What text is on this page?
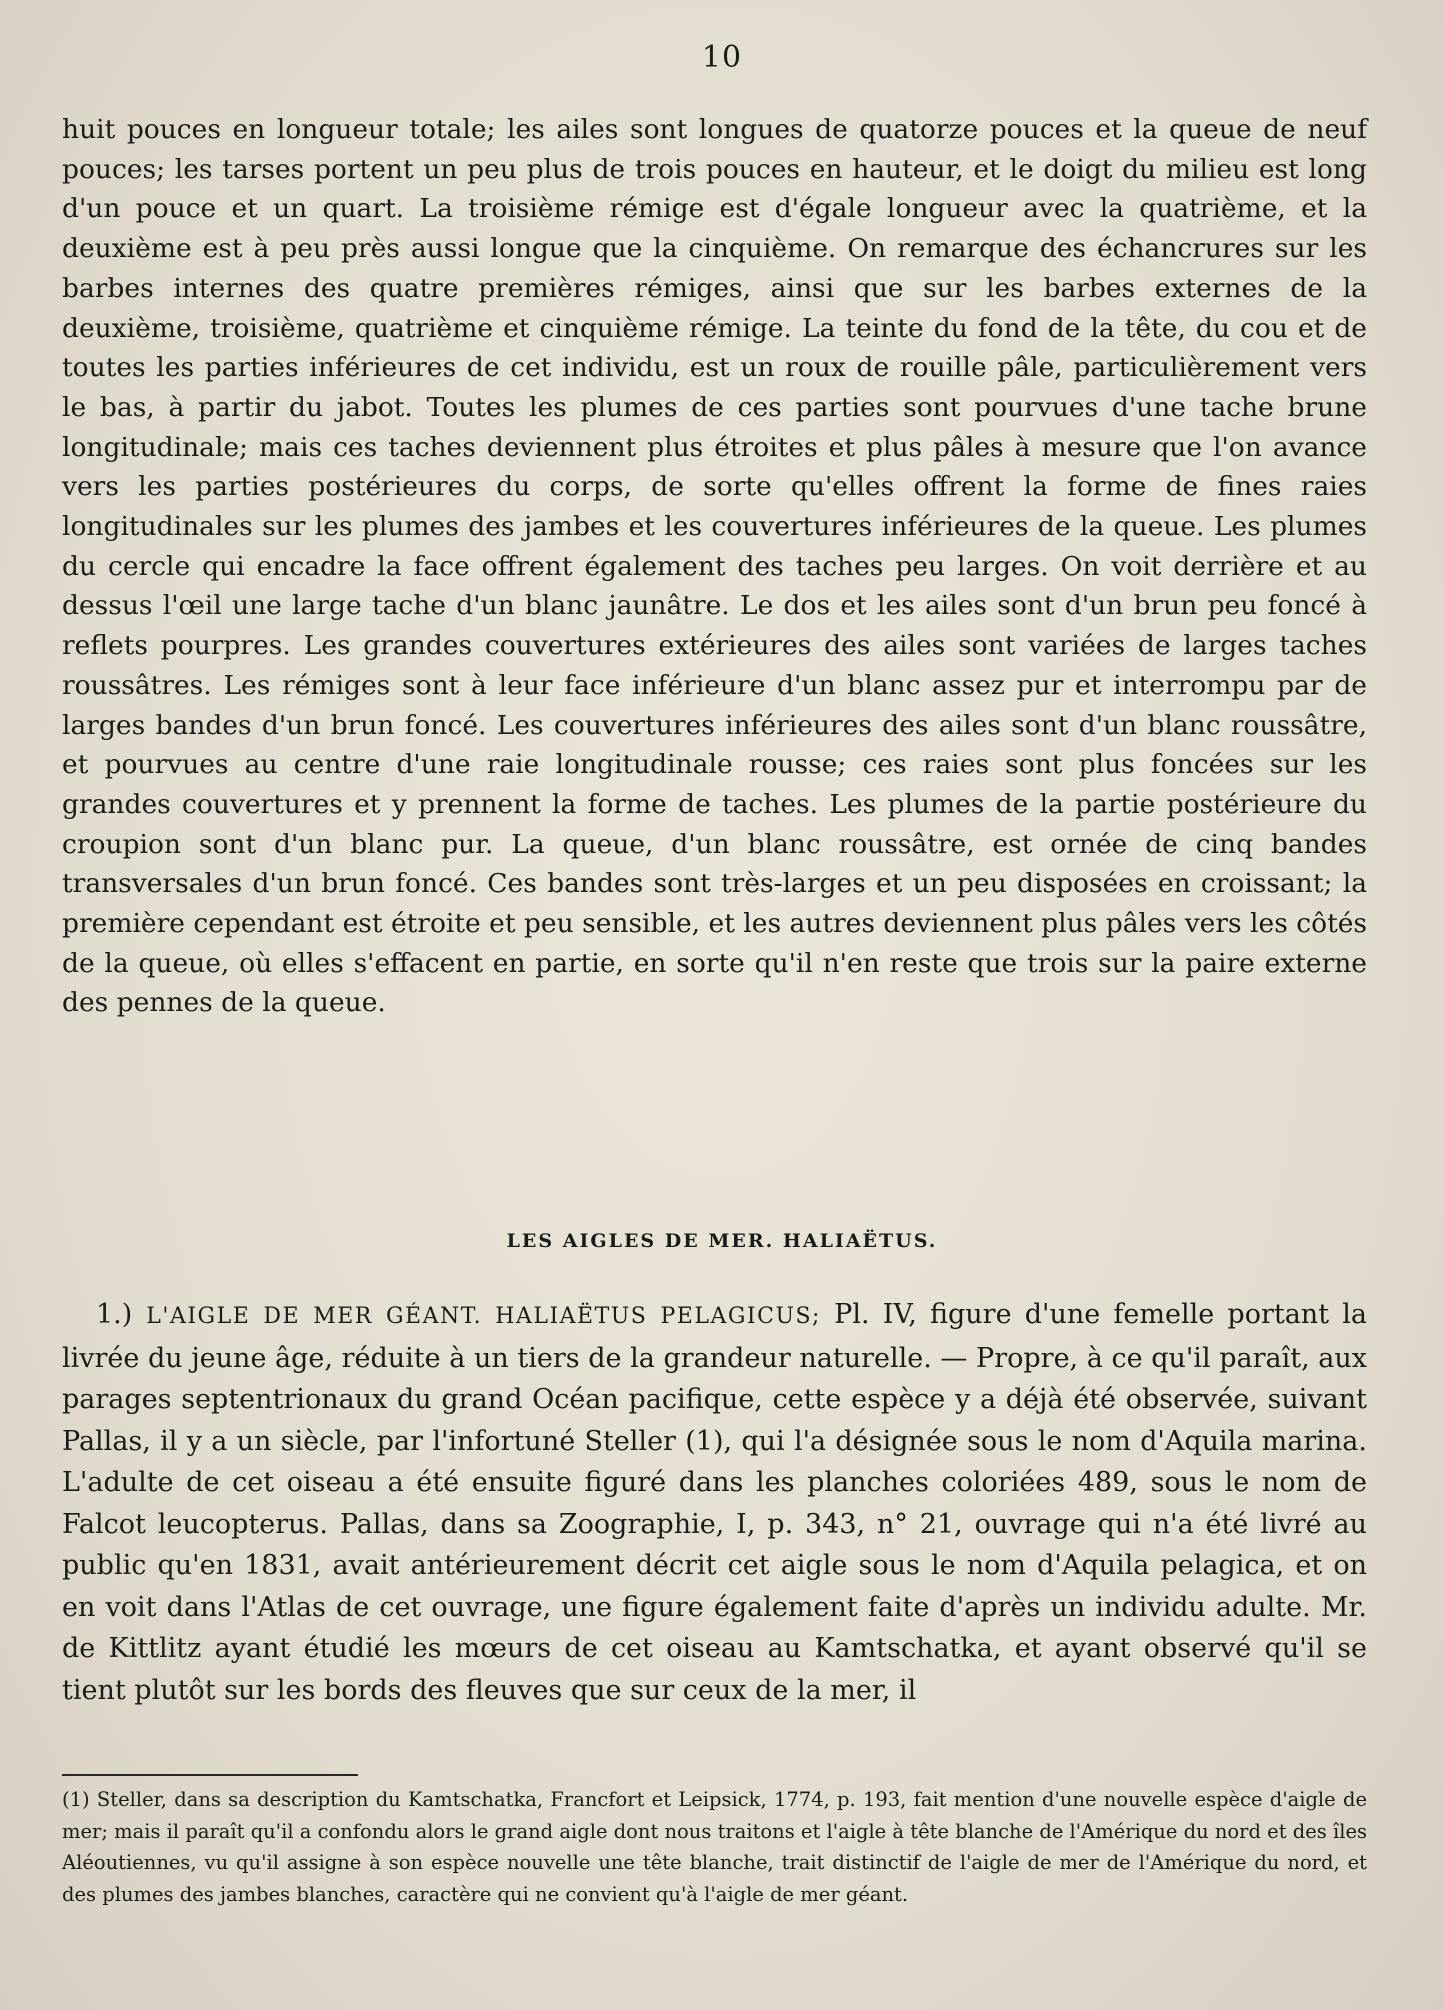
10

huit pouces en longueur totale; les ailes sont longues de quatorze pouces et la queue de neuf pouces; les tarses portent un peu plus de trois pouces en hauteur, et le doigt du milieu est long d'un pouce et un quart. La troisième rémige est d'égale longueur avec la quatrième, et la deuxième est à peu près aussi longue que la cinquième. On remarque des échancrures sur les barbes internes des quatre premières rémiges, ainsi que sur les barbes externes de la deuxième, troisième, quatrième et cinquième rémige. La teinte du fond de la tête, du cou et de toutes les parties inférieures de cet individu, est un roux de rouille pâle, particulièrement vers le bas, à partir du jabot. Toutes les plumes de ces parties sont pourvues d'une tache brune longitudinale; mais ces taches deviennent plus étroites et plus pâles à mesure que l'on avance vers les parties postérieures du corps, de sorte qu'elles offrent la forme de fines raies longitudinales sur les plumes des jambes et les couvertures inférieures de la queue. Les plumes du cercle qui encadre la face offrent également des taches peu larges. On voit derrière et au dessus l'œil une large tache d'un blanc jaunâtre. Le dos et les ailes sont d'un brun peu foncé à reflets pourpres. Les grandes couvertures extérieures des ailes sont variées de larges taches roussâtres. Les rémiges sont à leur face inférieure d'un blanc assez pur et interrompu par de larges bandes d'un brun foncé. Les couvertures inférieures des ailes sont d'un blanc roussâtre, et pourvues au centre d'une raie longitudinale rousse; ces raies sont plus foncées sur les grandes couvertures et y prennent la forme de taches. Les plumes de la partie postérieure du croupion sont d'un blanc pur. La queue, d'un blanc roussâtre, est ornée de cinq bandes transversales d'un brun foncé. Ces bandes sont très-larges et un peu disposées en croissant; la première cependant est étroite et peu sensible, et les autres deviennent plus pâles vers les côtés de la queue, où elles s'effacent en partie, en sorte qu'il n'en reste que trois sur la paire externe des pennes de la queue.

LES AIGLES DE MER. HALIAËTUS.

1.) L'AIGLE DE MER GÉANT. HALIAËTUS PELAGICUS; Pl. IV, figure d'une femelle portant la livrée du jeune âge, réduite à un tiers de la grandeur naturelle. — Propre, à ce qu'il paraît, aux parages septentrionaux du grand Océan pacifique, cette espèce y a déjà été observée, suivant Pallas, il y a un siècle, par l'infortuné Steller (1), qui l'a désignée sous le nom d'Aquila marina. L'adulte de cet oiseau a été ensuite figuré dans les planches coloriées 489, sous le nom de Falcot leucopterus. Pallas, dans sa Zoographie, I, p. 343, n° 21, ouvrage qui n'a été livré au public qu'en 1831, avait antérieurement décrit cet aigle sous le nom d'Aquila pelagica, et on en voit dans l'Atlas de cet ouvrage, une figure également faite d'après un individu adulte. Mr. de Kittlitz ayant étudié les mœurs de cet oiseau au Kamtschatka, et ayant observé qu'il se tient plutôt sur les bords des fleuves que sur ceux de la mer, il

(1) Steller, dans sa description du Kamtschatka, Francfort et Leipsick, 1774, p. 193, fait mention d'une nouvelle espèce d'aigle de mer; mais il paraît qu'il a confondu alors le grand aigle dont nous traitons et l'aigle à tête blanche de l'Amérique du nord et des îles Aléoutiennes, vu qu'il assigne à son espèce nouvelle une tête blanche, trait distinctif de l'aigle de mer de l'Amérique du nord, et des plumes des jambes blanches, caractère qui ne convient qu'à l'aigle de mer géant.
